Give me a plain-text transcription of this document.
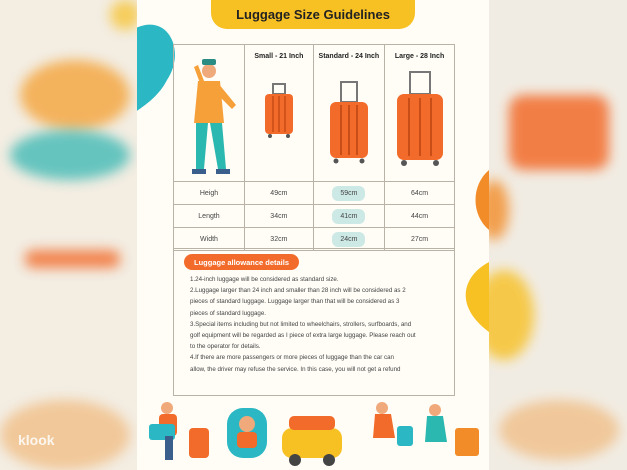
klook
Luggage Size Guidelines

Small - 21 Inch	Standard - 24 Inch	Large - 28 Inch

Heigh	49cm	59cm	64cm
Length	34cm	41cm	44cm
Width	32cm	24cm	27cm
Luggage allowance details
1.24-inch luggage will be considered as standard size.
2.Luggage larger than 24 inch and smaller than 28 inch will be considered as 2
pieces of standard luggage. Luggage larger than that will be considered as 3
pieces of standard luggage.
3.Special items including but not limited to wheelchairs, strollers, surfboards, and
golf equipment will be regarded as I piece of extra large luggage. Please reach out
to the operator for details.
4.If there are more passengers or more pieces of luggage than the car can
allow, the driver may refuse the service. In this case, you will not get a refund
